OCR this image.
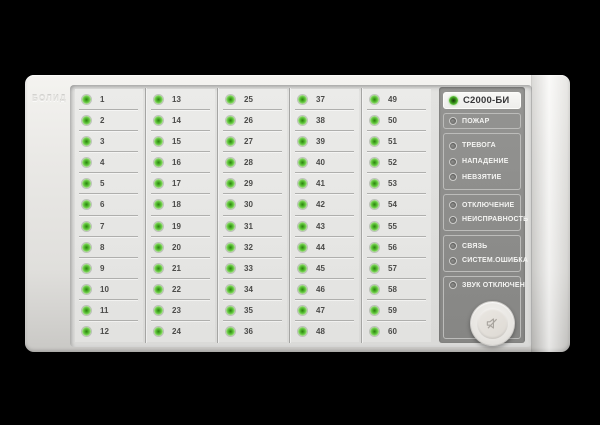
БОЛИД	1
2
3
4
5
6
7
8
9
10
11
12
13
14
15
16
17
18
19
20
21
22
23
24
25
26
27
28
29
30
31
32
33
34
35
36
37
38
39
40
41
42
43
44
45
46
47
48
49
50
51
52
53
54
55
56
57
58
59
60
С2000-БИ
ПОЖАР
ТРЕВОГА
НАПАДЕНИЕ
НЕВЗЯТИЕ
ОТКЛЮЧЕНИЕ
НЕИСПРАВНОСТЬ
СВЯЗЬ
СИСТЕМ.ОШИБКА
ЗВУК ОТКЛЮЧЕН
